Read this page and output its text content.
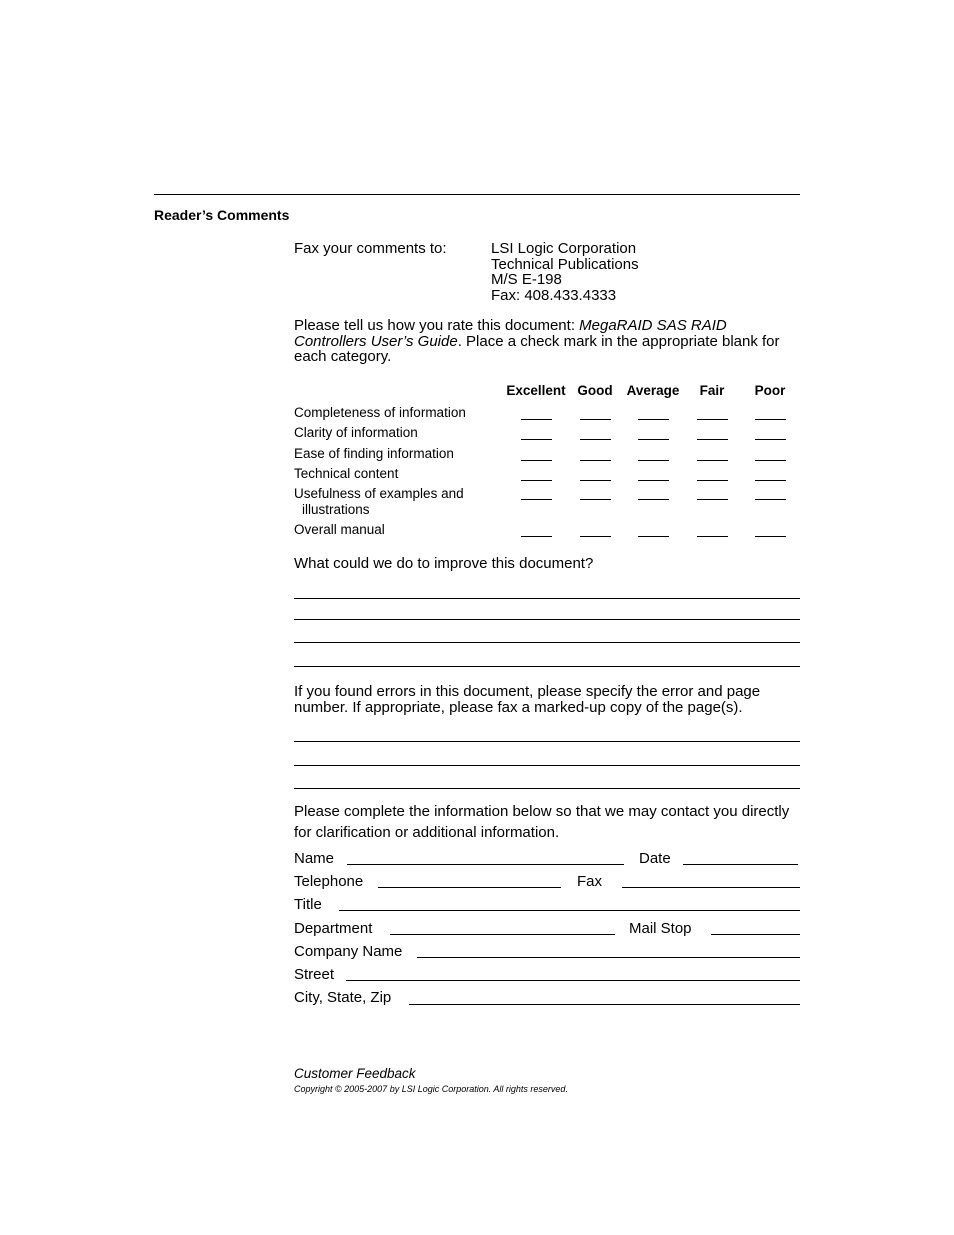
Reader’s Comments
Fax your comments to:	LSI Logic Corporation
Technical Publications
M/S E-198
Fax: 408.433.4333
Please tell us how you rate this document: MegaRAID SAS RAID Controllers User’s Guide. Place a check mark in the appropriate blank for each category.
Excellent Good	Average	Fair	Poor
Completeness of information
Clarity of information
Ease of finding information
Technical content
Usefulness of examples and
illustrations
Overall manual
What could we do to improve this document?
If you found errors in this document, please specify the error and page number. If appropriate, please fax a marked-up copy of the page(s).
Please complete the information below so that we may contact you directly for clarification or additional information.
Name	Date
Telephone	Fax
Title
Department	Mail Stop
Company Name
Street
City, State, Zip
Customer Feedback
Copyright © 2005-2007 by LSI Logic Corporation. All rights reserved.
